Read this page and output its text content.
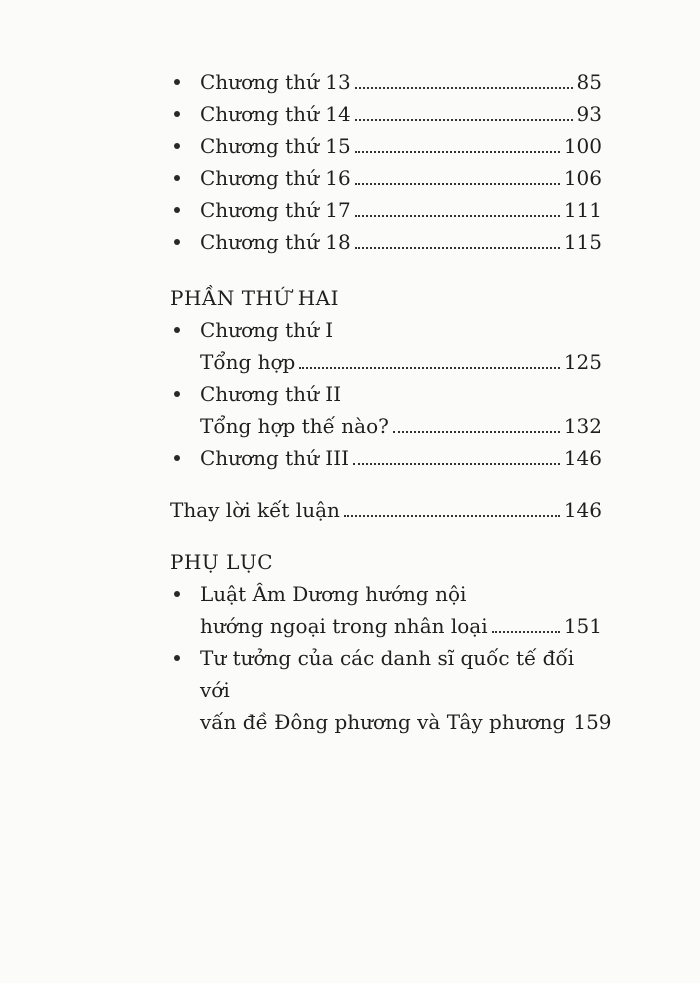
Chương thứ 13	85
Chương thứ 14	93
Chương thứ 15	100
Chương thứ 16	106
Chương thứ 17	111
Chương thứ 18	115
PHẦN THỨ HAI
Chương thứ I
Tổng hợp	125
Chương thứ II
Tổng hợp thế nào?	132
Chương thứ III	146
Thay lời kết luận	146
PHỤ LỤC
Luật Âm Dương hướng nội
hướng ngoại trong nhân loại	151
Tư tưởng của các danh sĩ quốc tế đối với
vấn đề Đông phương và Tây phương 159
